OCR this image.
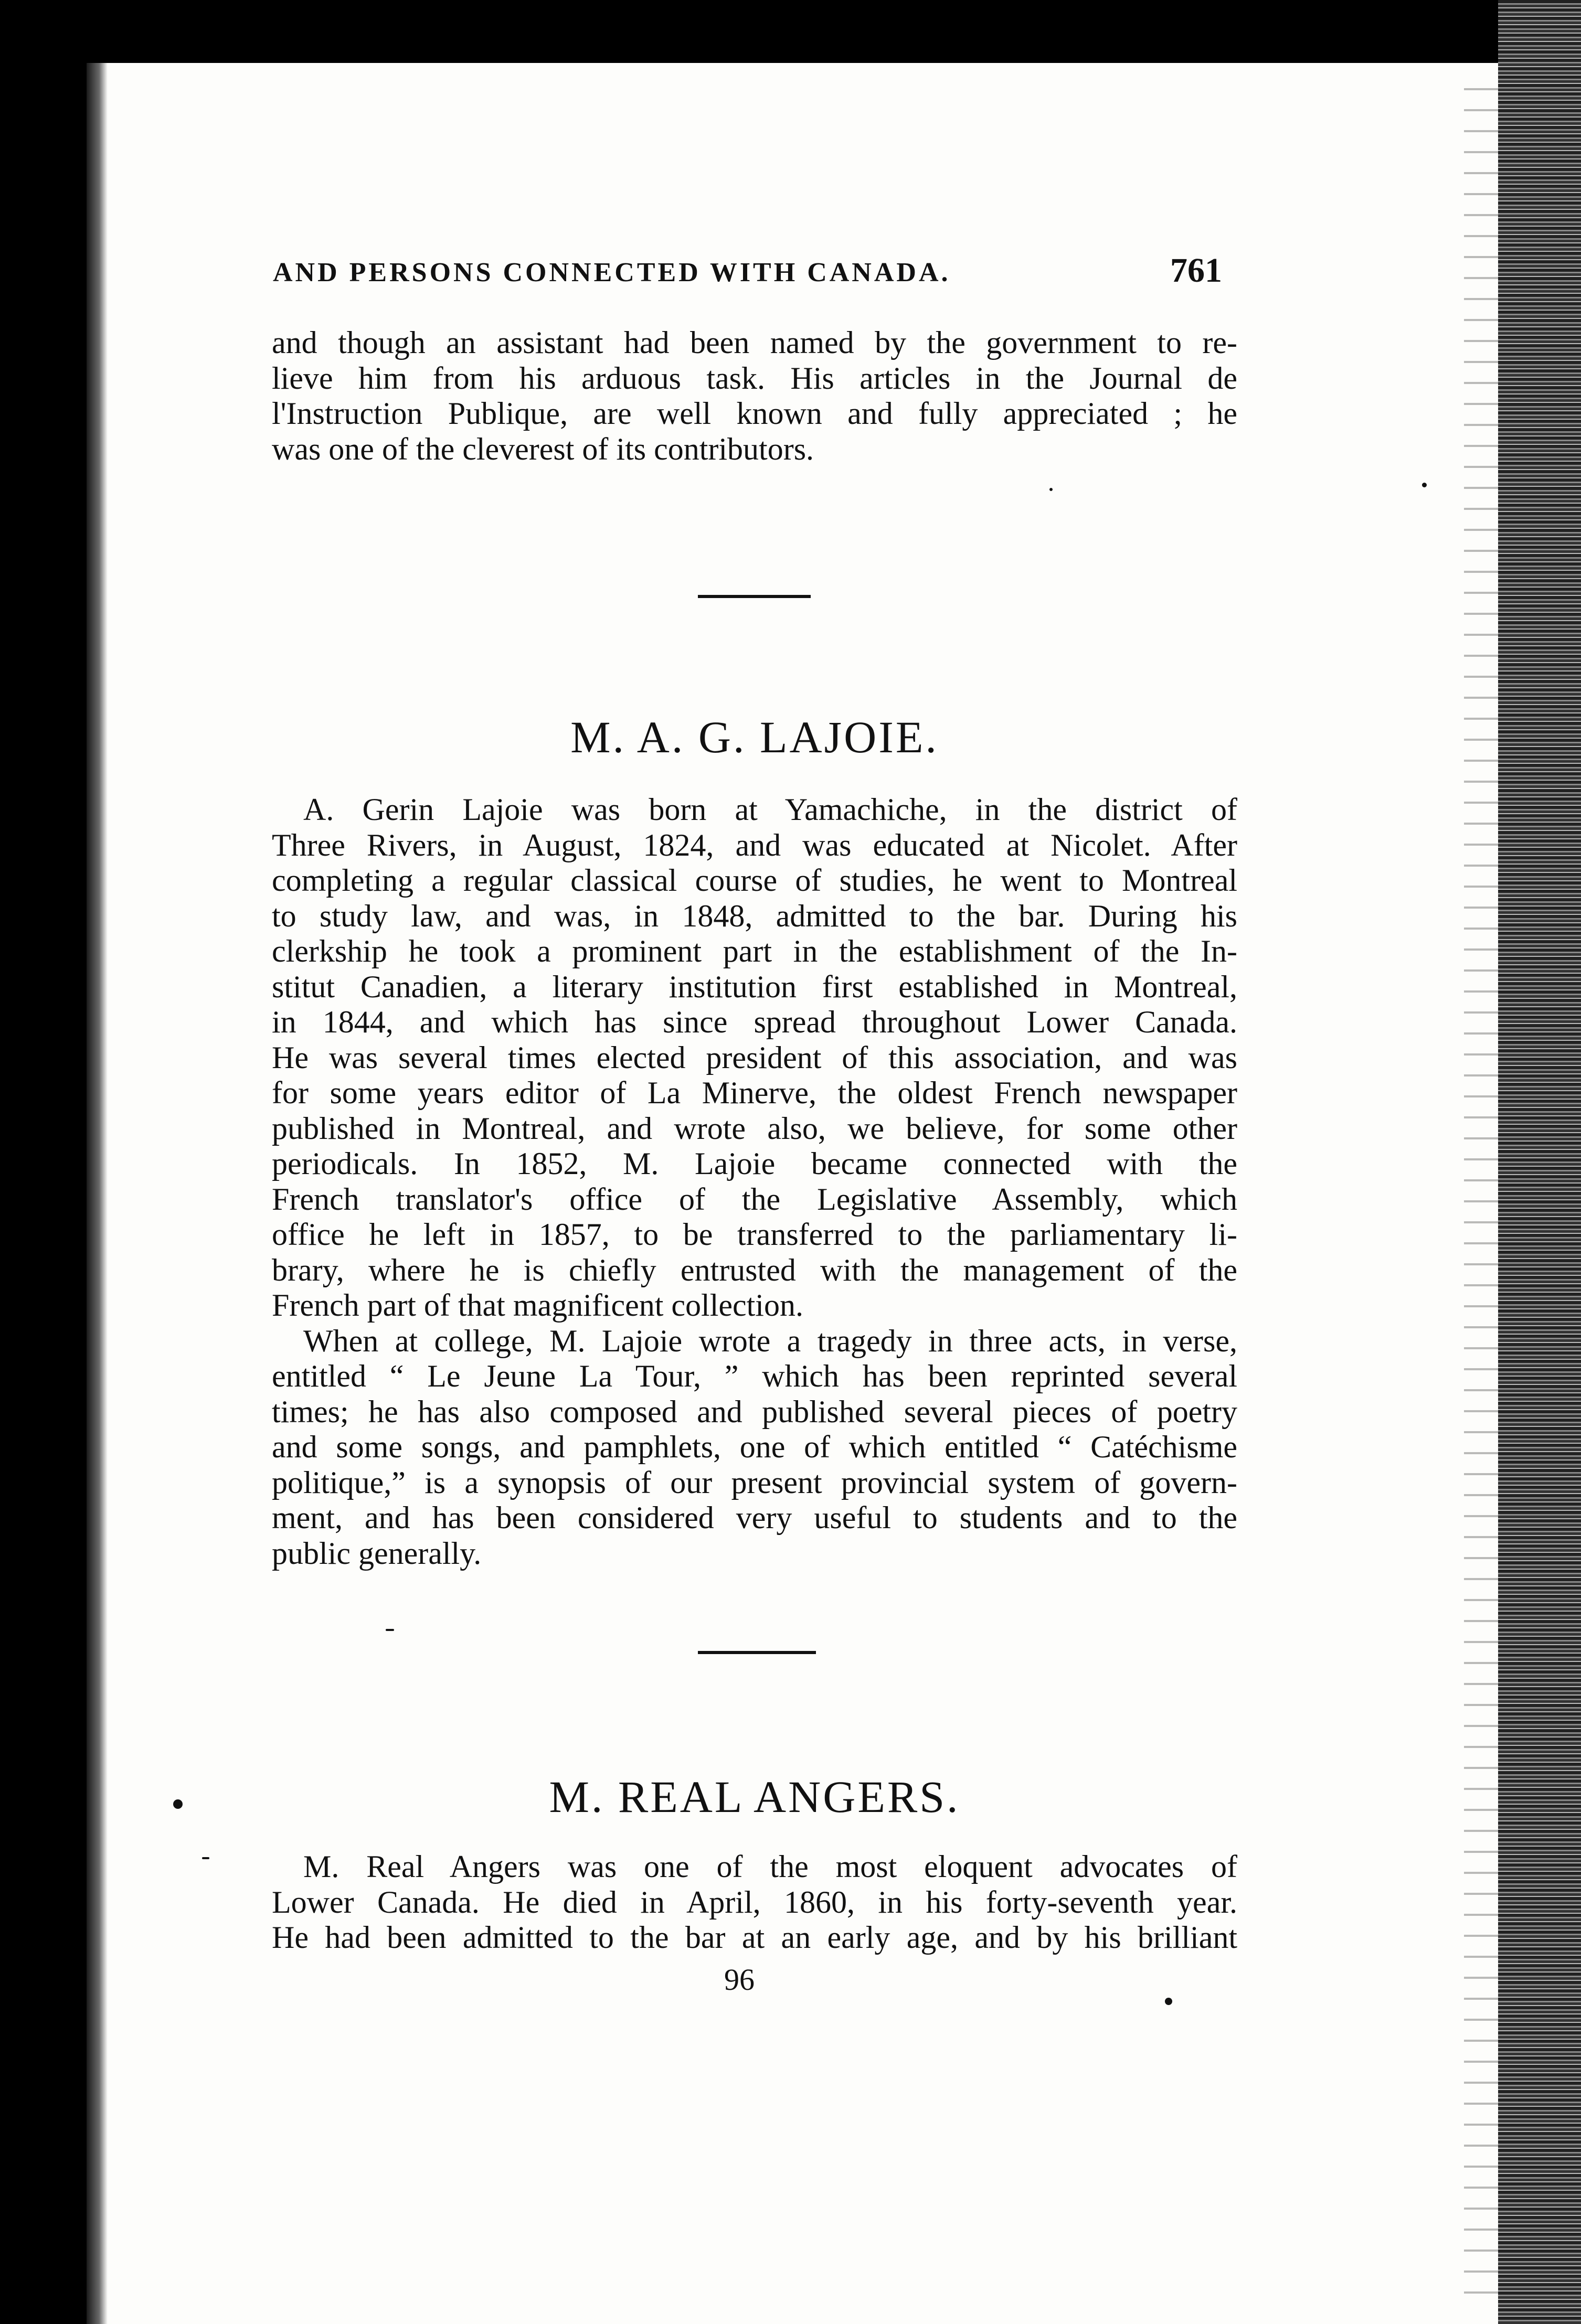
AND PERSONS CONNECTED WITH CANADA.	761
and though an assistant had been named by the government to re-
lieve him from his arduous task. His articles in the Journal de
l'Instruction Publique, are well known and fully appreciated ; he
was one of the cleverest of its contributors.
M. A. G. LAJOIE.
A. Gerin Lajoie was born at Yamachiche, in the district of
Three Rivers, in August, 1824, and was educated at Nicolet. After
completing a regular classical course of studies, he went to Montreal
to study law, and was, in 1848, admitted to the bar. During his
clerkship he took a prominent part in the establishment of the In-
stitut Canadien, a literary institution first established in Montreal,
in 1844, and which has since spread throughout Lower Canada.
He was several times elected president of this association, and was
for some years editor of La Minerve, the oldest French newspaper
published in Montreal, and wrote also, we believe, for some other
periodicals. In 1852, M. Lajoie became connected with the
French translator's office of the Legislative Assembly, which
office he left in 1857, to be transferred to the parliamentary li-
brary, where he is chiefly entrusted with the management of the
French part of that magnificent collection.
When at college, M. Lajoie wrote a tragedy in three acts, in verse,
entitled “ Le Jeune La Tour, ” which has been reprinted several
times; he has also composed and published several pieces of poetry
and some songs, and pamphlets, one of which entitled “ Catéchisme
politique,” is a synopsis of our present provincial system of govern-
ment, and has been considered very useful to students and to the
public generally.
M. REAL ANGERS.
M. Real Angers was one of the most eloquent advocates of
Lower Canada. He died in April, 1860, in his forty-seventh year.
He had been admitted to the bar at an early age, and by his brilliant
96
